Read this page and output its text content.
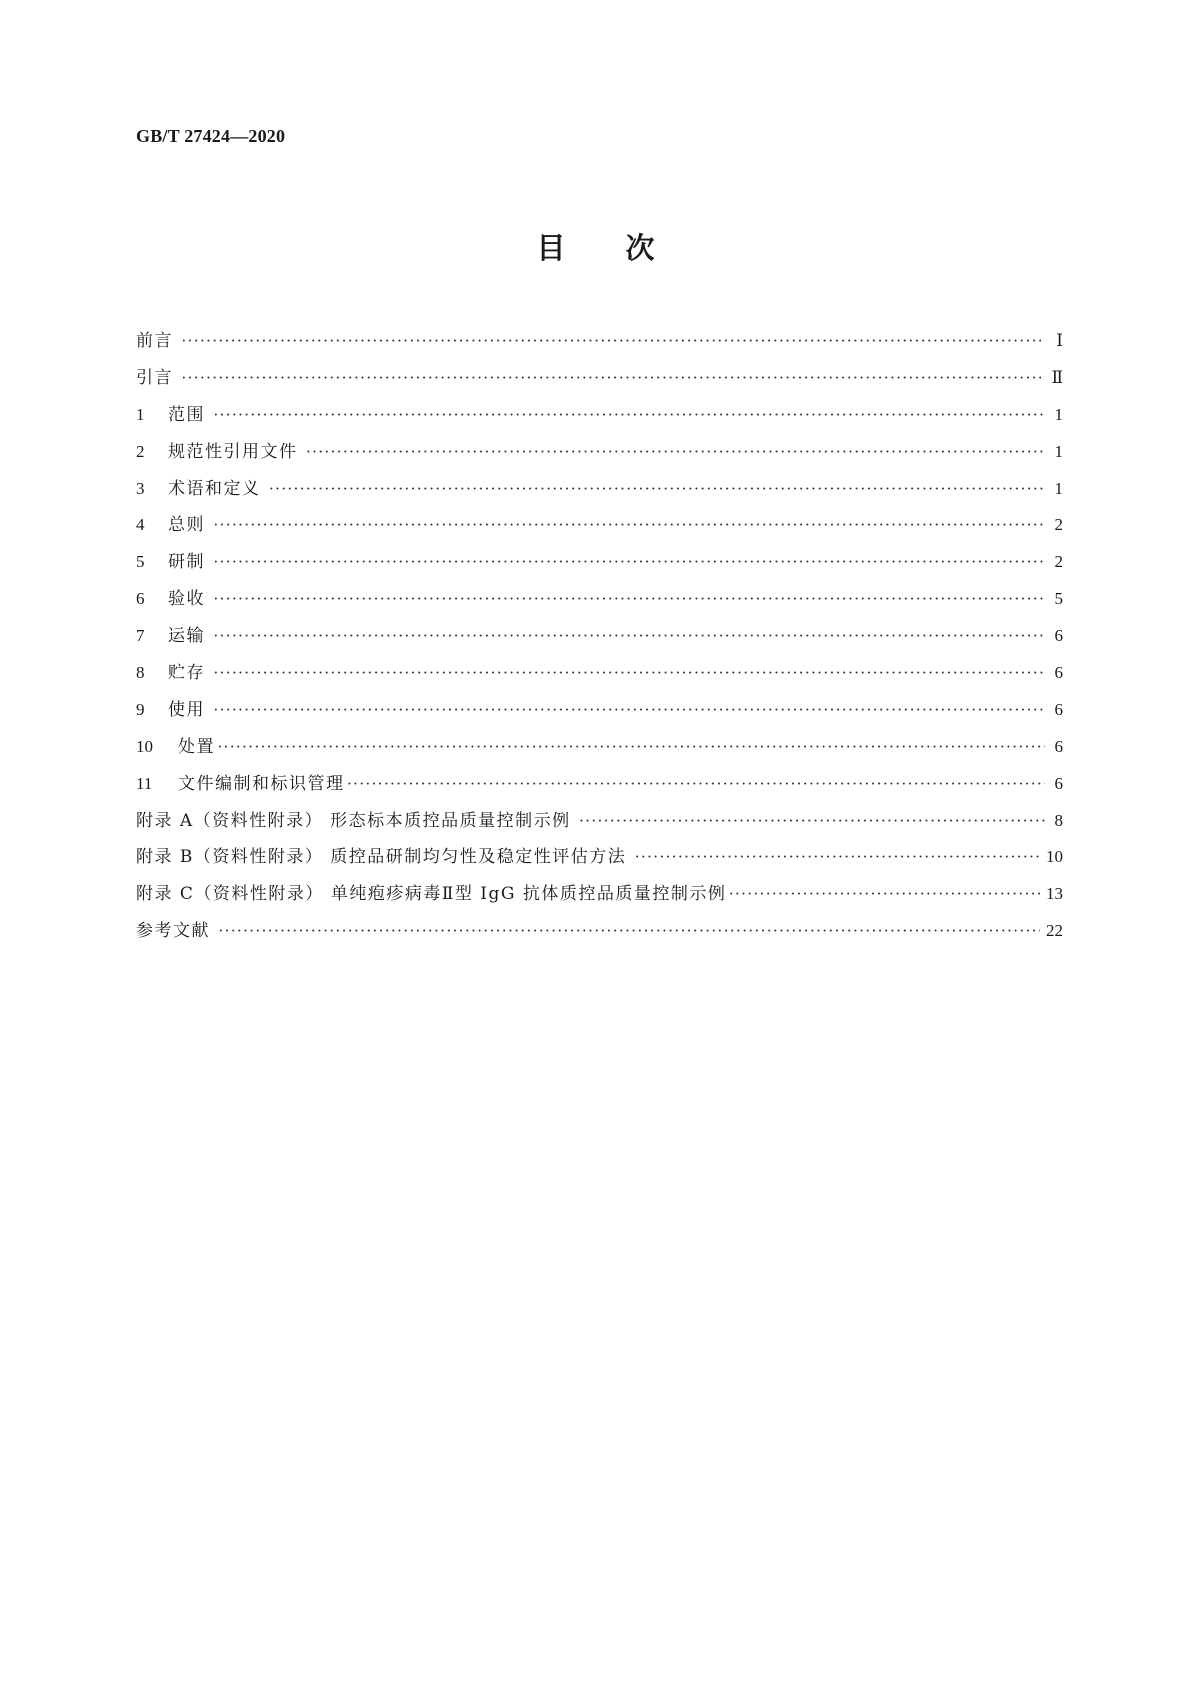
GB/T 27424—2020
目次
前言 ·····	Ⅰ
引言 ·····	Ⅱ
1	范围 ·····	1
2	规范性引用文件 ·····	1
3	术语和定义 ·····	1
4	总则 ·····	2
5	研制 ·····	2
6	验收 ·····	5
7	运输 ·····	6
8	贮存 ·····	6
9	使用 ·····	6
10	处置 ·····	6
11	文件编制和标识管理 ·····	6
附录 A（资料性附录） 形态标本质控品质量控制示例 ·····	8
附录 B（资料性附录） 质控品研制均匀性及稳定性评估方法 ·····	10
附录 C（资料性附录） 单纯疱疹病毒Ⅱ型 IgG 抗体质控品质量控制示例 ·····	13
参考文献 ·····	22
